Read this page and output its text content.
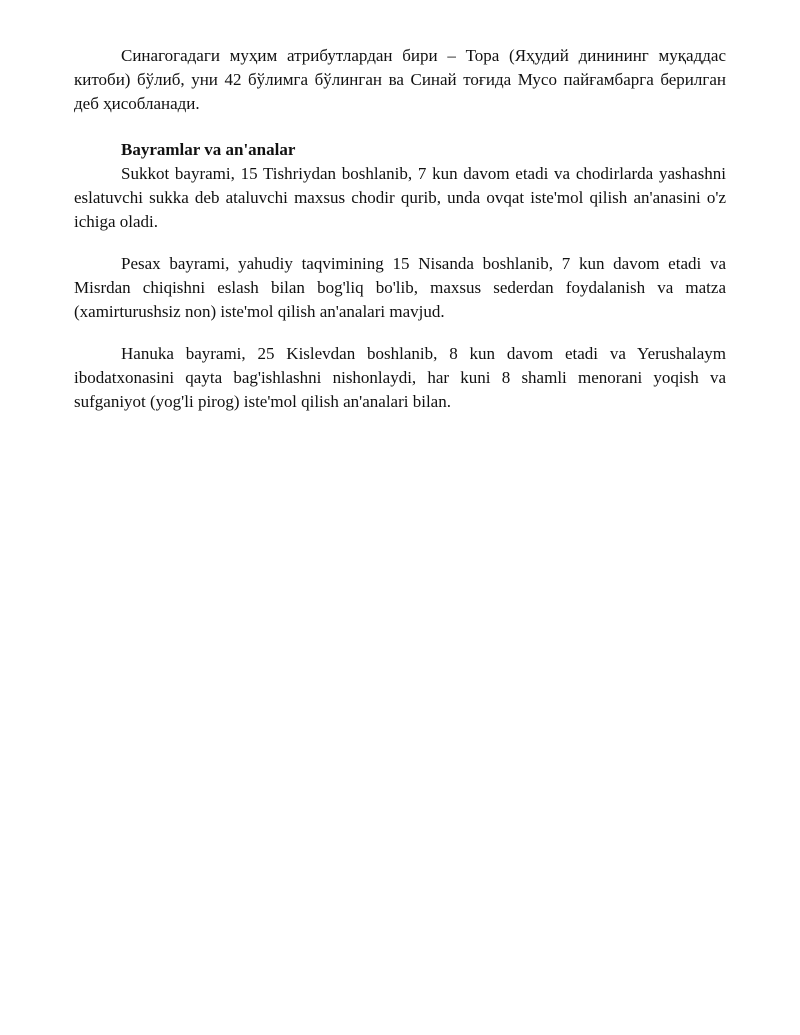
Синагогадаги муҳим атрибутлардан бири – Тора (Яҳудий динининг муқаддас китоби) бўлиб, уни 42 бўлимга бўлинган ва Синай тоғида Мусо пайғамбарга берилган деб ҳисобланади.

Bayramlar va an'analar

Sukkot bayrami, 15 Tishriydan boshlanib, 7 kun davom etadi va chodirlarda yashashni eslatuvchi sukka deb ataluvchi maxsus chodir qurib, unda ovqat iste'mol qilish an'anasini o'z ichiga oladi.

Pesax bayrami, yahudiy taqvimining 15 Nisanda boshlanib, 7 kun davom etadi va Misrdan chiqishni eslash bilan bog'liq bo'lib, maxsus sederdan foydalanish va matza (xamirturushsiz non) iste'mol qilish an'analari mavjud.

Hanuka bayrami, 25 Kislevdan boshlanib, 8 kun davom etadi va Yerushalaym ibodatxonasini qayta bag'ishlashni nishonlaydi, har kuni 8 shamli menorani yoqish va sufganiyot (yog'li pirog) iste'mol qilish an'analari bilan.
